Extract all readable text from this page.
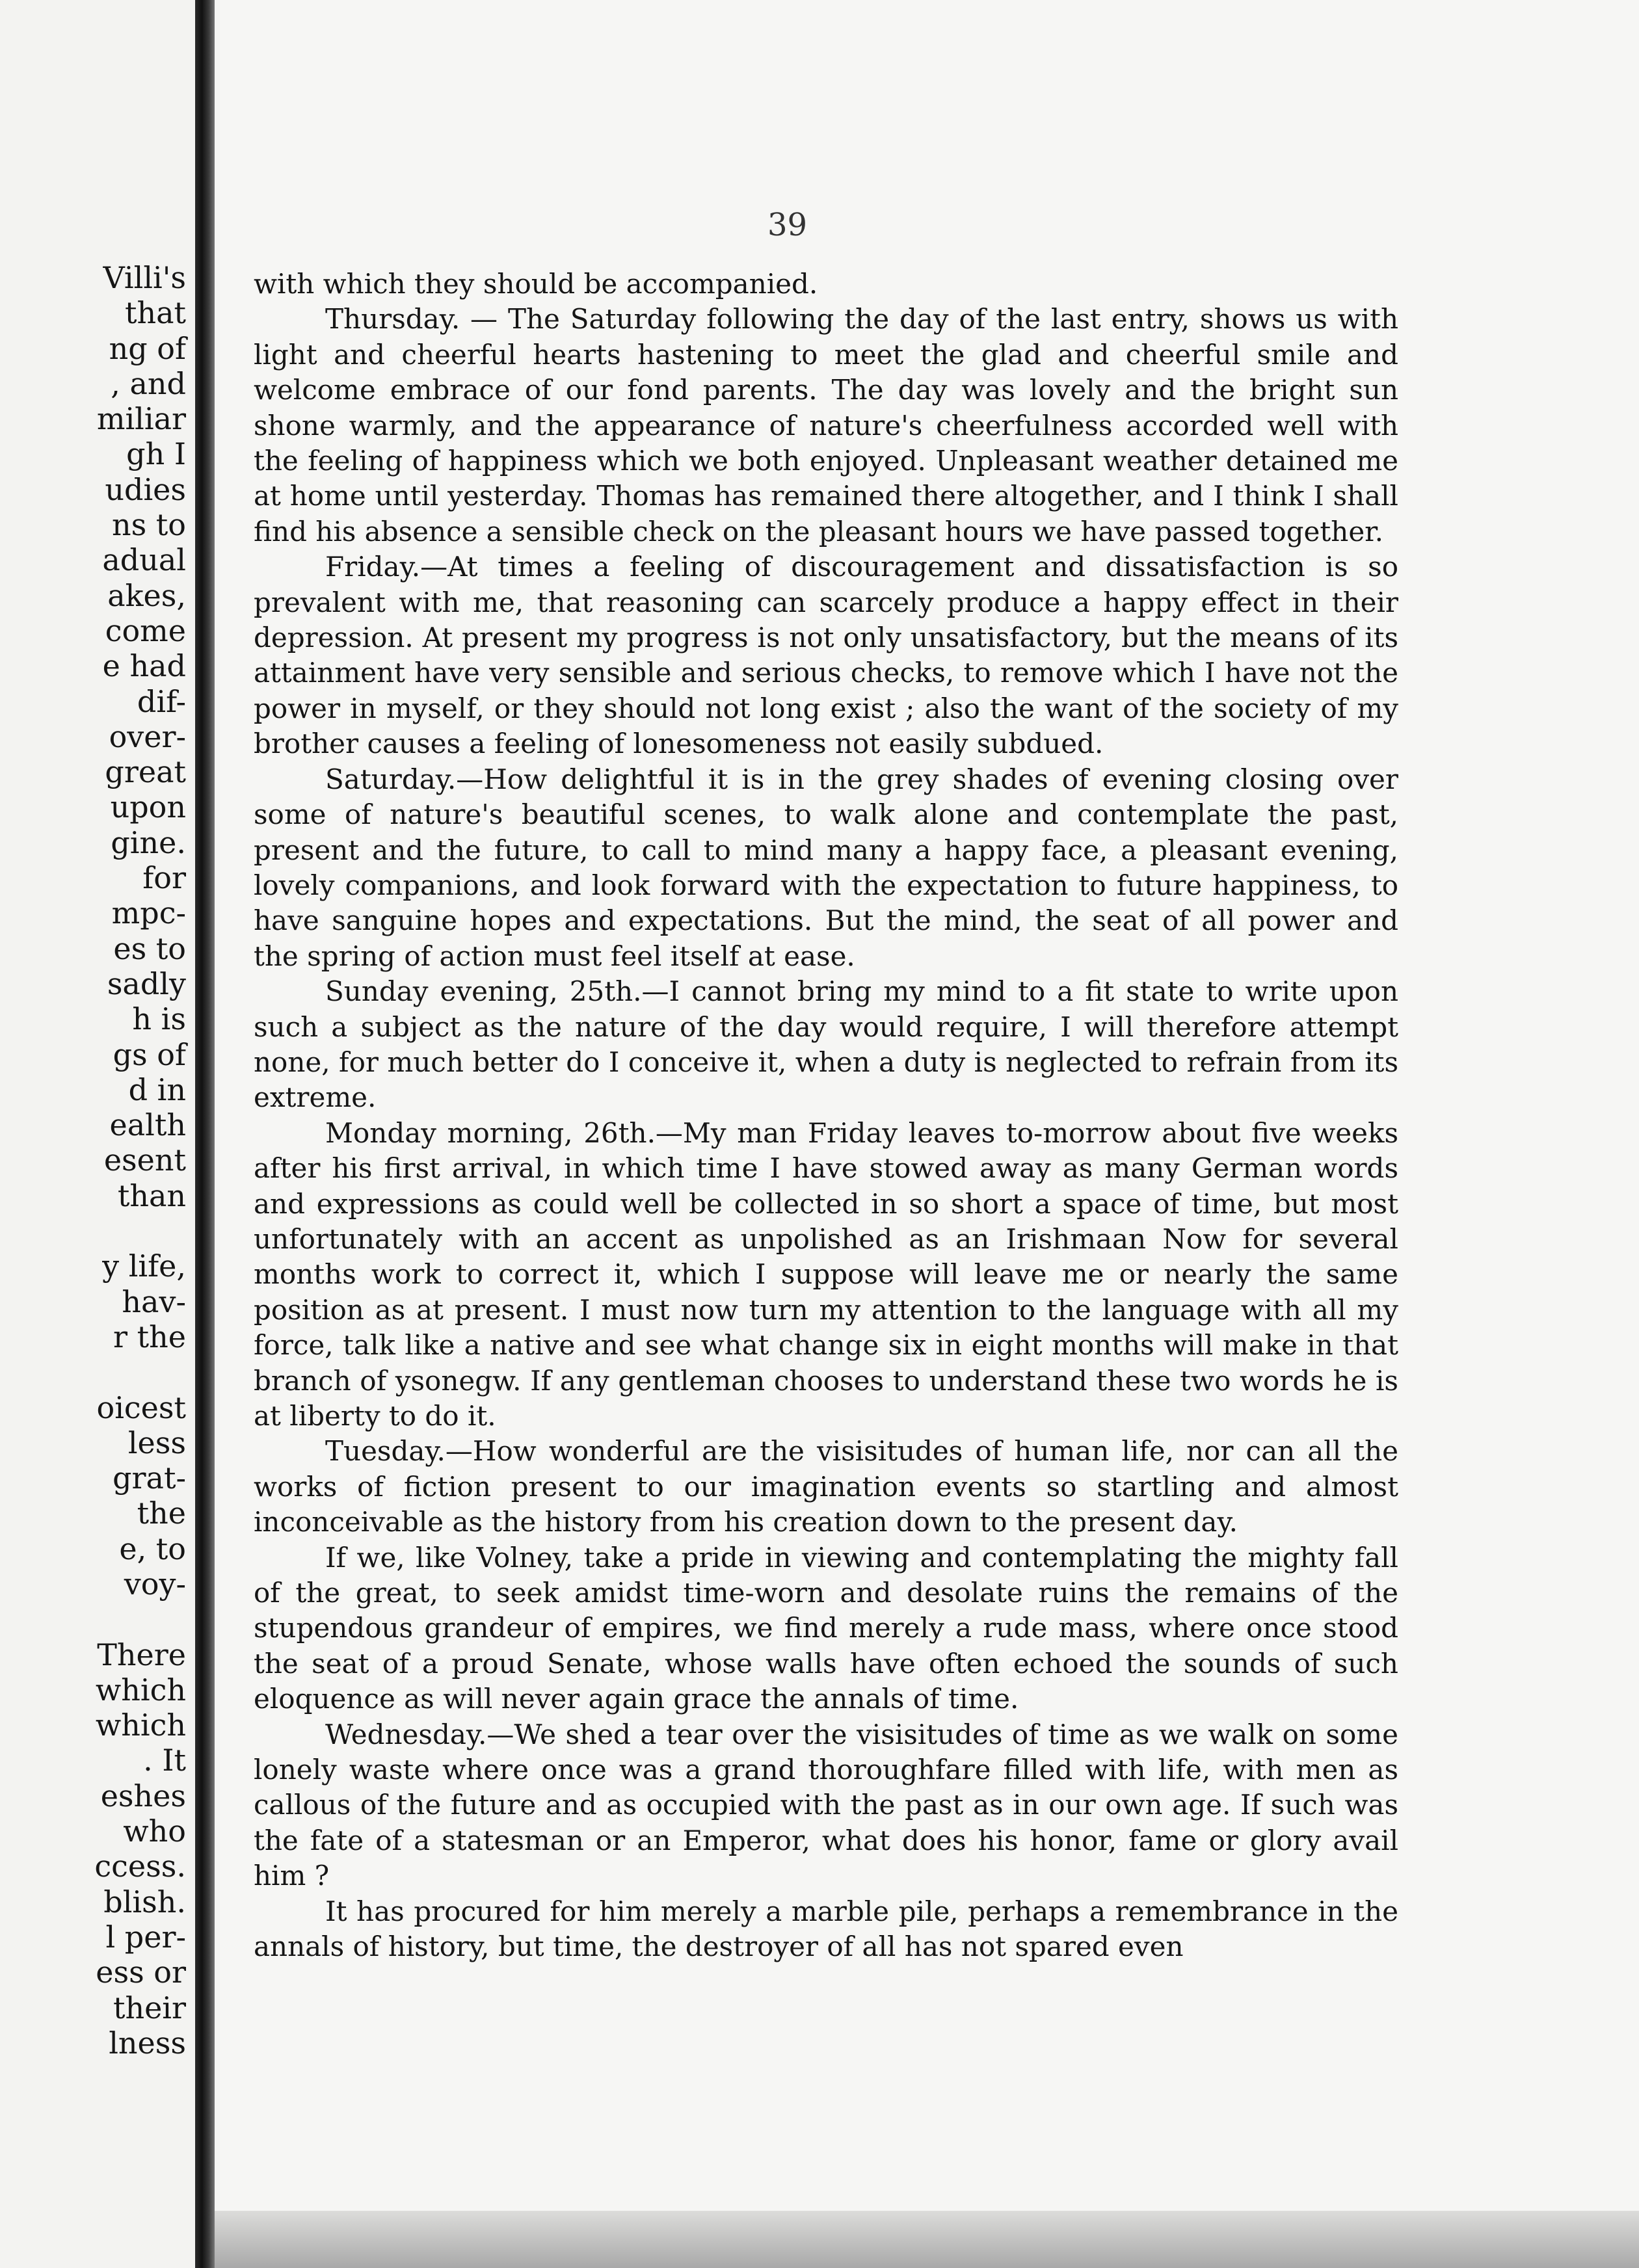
Villi's
that
ng of
, and
miliar
gh I
udies
ns to
adual
akes,
come
e had
dif-
over-
great
upon
gine.
for
mpc-
es to
sadly
h is
gs of
d in
ealth
esent
than

y life,
hav-
r the

oicest
less
grat-
the
e, to
voy-

There
which
which
. It
eshes
who
ccess.
blish.
l per-
ess or
their
lness
39

with which they should be accompanied.

Thursday. — The Saturday following the day of the last entry, shows us with light and cheerful hearts hastening to meet the glad and cheerful smile and welcome embrace of our fond parents. The day was lovely and the bright sun shone warmly, and the appearance of nature's cheerfulness accorded well with the feeling of happiness which we both enjoyed. Unpleasant weather detained me at home until yesterday. Thomas has remained there altogether, and I think I shall find his absence a sensible check on the pleasant hours we have passed together.

Friday.—At times a feeling of discouragement and dissatisfaction is so prevalent with me, that reasoning can scarcely produce a happy effect in their depression. At present my progress is not only unsatisfactory, but the means of its attainment have very sensible and serious checks, to remove which I have not the power in myself, or they should not long exist ; also the want of the society of my brother causes a feeling of lonesomeness not easily subdued.

Saturday.—How delightful it is in the grey shades of evening closing over some of nature's beautiful scenes, to walk alone and contemplate the past, present and the future, to call to mind many a happy face, a pleasant evening, lovely companions, and look forward with the expectation to future happiness, to have sanguine hopes and expectations. But the mind, the seat of all power and the spring of action must feel itself at ease.

Sunday evening, 25th.—I cannot bring my mind to a fit state to write upon such a subject as the nature of the day would require, I will therefore attempt none, for much better do I conceive it, when a duty is neglected to refrain from its extreme.

Monday morning, 26th.—My man Friday leaves to-morrow about five weeks after his first arrival, in which time I have stowed away as many German words and expressions as could well be collected in so short a space of time, but most unfortunately with an accent as unpolished as an Irishmaan Now for several months work to correct it, which I suppose will leave me or nearly the same position as at present. I must now turn my attention to the language with all my force, talk like a native and see what change six in eight months will make in that branch of ysonegw. If any gentleman chooses to understand these two words he is at liberty to do it.

Tuesday.—How wonderful are the visisitudes of human life, nor can all the works of fiction present to our imagination events so startling and almost inconceivable as the history from his creation down to the present day.

If we, like Volney, take a pride in viewing and contemplating the mighty fall of the great, to seek amidst time-worn and desolate ruins the remains of the stupendous grandeur of empires, we find merely a rude mass, where once stood the seat of a proud Senate, whose walls have often echoed the sounds of such eloquence as will never again grace the annals of time.

Wednesday.—We shed a tear over the visisitudes of time as we walk on some lonely waste where once was a grand thoroughfare filled with life, with men as callous of the future and as occupied with the past as in our own age. If such was the fate of a statesman or an Emperor, what does his honor, fame or glory avail him ?

It has procured for him merely a marble pile, perhaps a remembrance in the annals of history, but time, the destroyer of all has not spared even
